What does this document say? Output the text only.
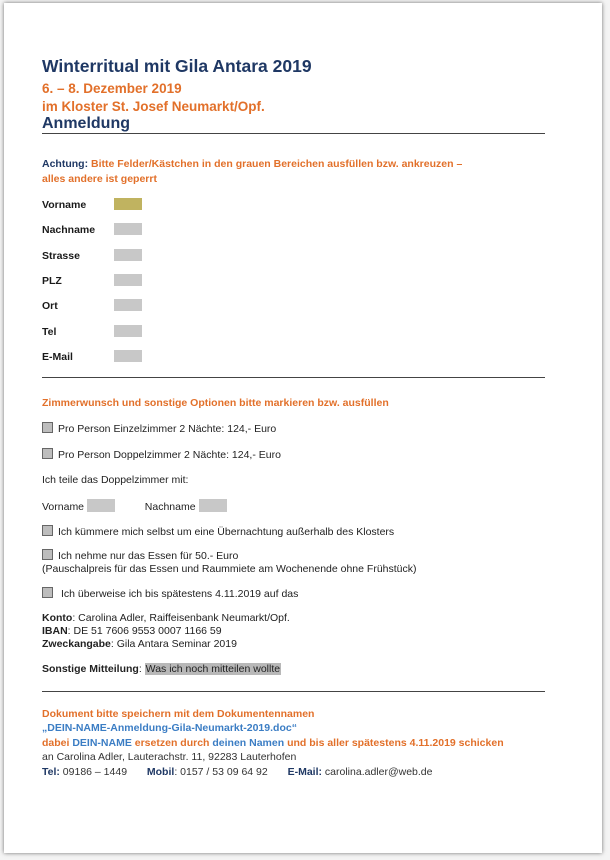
Winterritual mit Gila Antara 2019
6. – 8. Dezember 2019
im Kloster St. Josef Neumarkt/Opf.
Anmeldung
Achtung: Bitte Felder/Kästchen in den grauen Bereichen ausfüllen bzw. ankreuzen –
alles andere ist geperrt
Vorname
Nachname
Strasse
PLZ
Ort
Tel
E-Mail
Zimmerwunsch und sonstige Optionen bitte markieren bzw. ausfüllen
Pro Person Einzelzimmer 2 Nächte: 124,- Euro
Pro Person Doppelzimmer 2 Nächte: 124,- Euro
Ich teile das Doppelzimmer mit:
Vorname	Nachname
Ich kümmere mich selbst um eine Übernachtung außerhalb des Klosters
Ich nehme nur das Essen für 50.- Euro
(Pauschalpreis für das Essen und Raummiete am Wochenende ohne Frühstück)
Ich überweise ich bis spätestens 4.11.2019 auf das
Konto: Carolina Adler, Raiffeisenbank Neumarkt/Opf.
IBAN: DE 51 7606 9553 0007 1166 59
Zweckangabe: Gila Antara Seminar 2019
Sonstige Mitteilung: Was ich noch mitteilen wollte
Dokument bitte speichern mit dem Dokumentennamen
„DEIN-NAME-Anmeldung-Gila-Neumarkt-2019.doc“
dabei DEIN-NAME ersetzen durch deinen Namen und bis aller spätestens 4.11.2019 schicken
an Carolina Adler, Lauterachstr. 11, 92283 Lauterhofen
Tel: 09186 – 1449 Mobil: 0157 / 53 09 64 92 E-Mail: carolina.adler@web.de
